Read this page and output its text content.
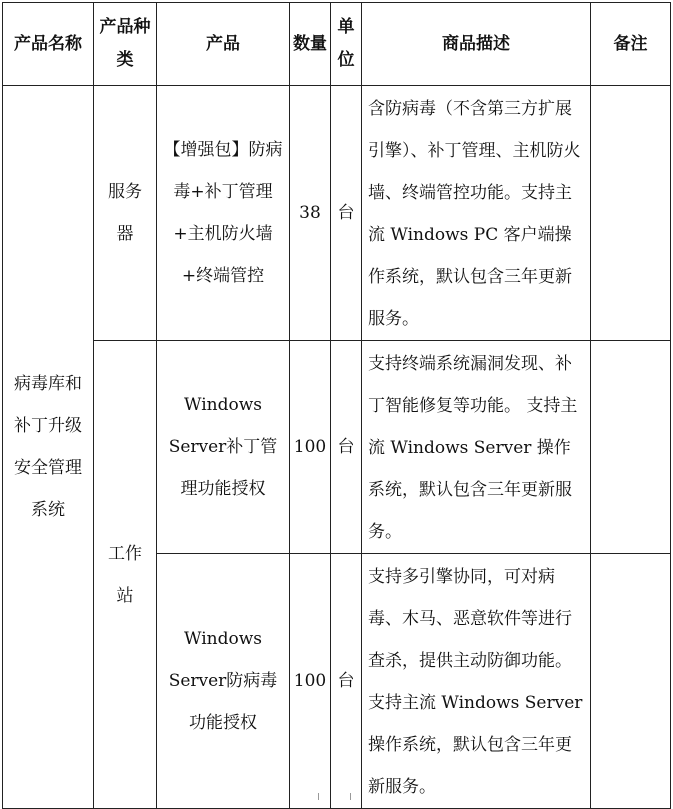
产品名称	产品种类	产品	数量	单位	商品描述	备注
病毒库和补丁升级安全管理系统	服务器	【增强包】防病毒+补丁管理+主机防火墙+终端管控	38	台	含防病毒（不含第三方扩展引擎）、补丁管理、主机防火墙、终端管控功能。支持主流 Windows PC 客户端操作系统，默认包含三年更新服务。	
	工作站	Windows Server补丁管理功能授权	100	台	支持终端系统漏洞发现、补丁智能修复等功能。 支持主流 Windows Server 操作系统，默认包含三年更新服务。	
		Windows Server防病毒功能授权	100	台	支持多引擎协同，可对病毒、木马、恶意软件等进行查杀，提供主动防御功能。支持主流 Windows Server 操作系统，默认包含三年更新服务。	
